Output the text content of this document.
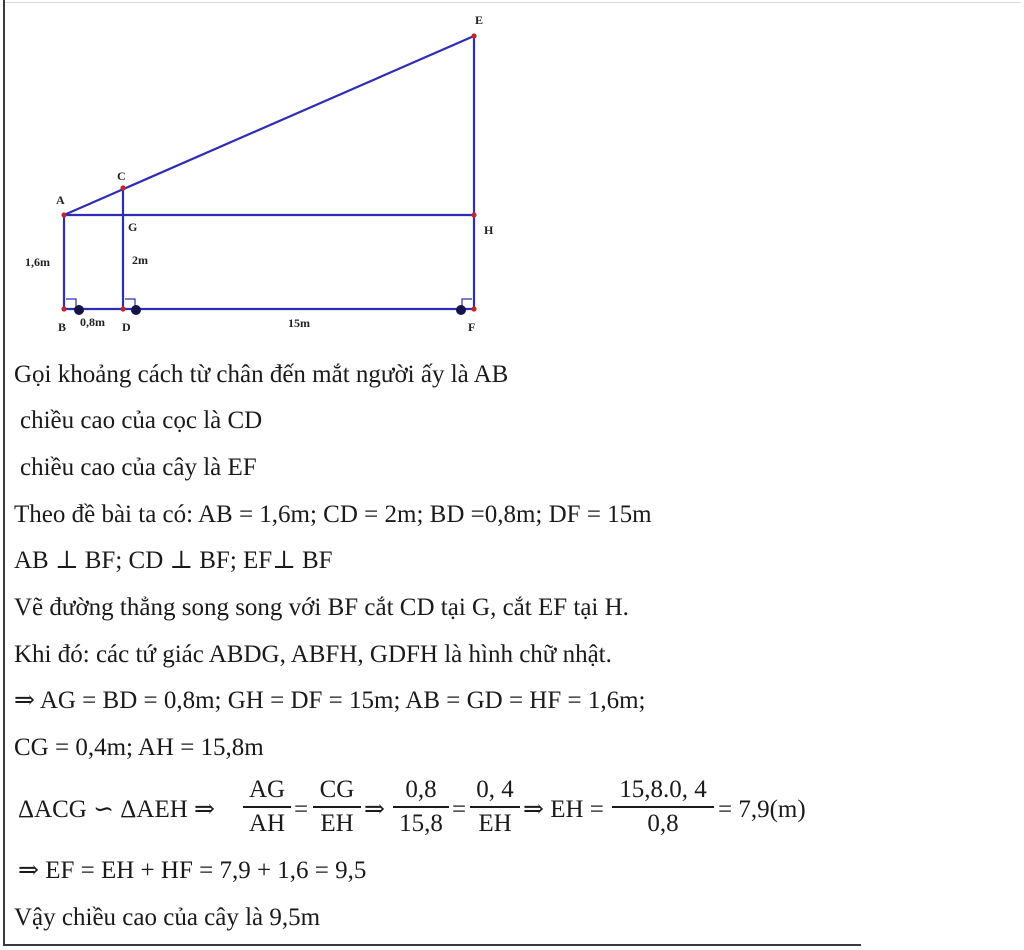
E
C
A
G	H
1,6m	2m
B 0,8m D	15m	F
Gọi khoảng cách từ chân đến mắt người ấy là AB
chiều cao của cọc là CD
chiều cao của cây là EF
Theo đề bài ta có: AB = 1,6m; CD = 2m; BD =0,8m; DF = 15m
AB ⊥ BF; CD ⊥ BF; EF⊥ BF
Vẽ đường thẳng song song với BF cắt CD tại G, cắt EF tại H.
Khi đó: các tứ giác ABDG, ABFH, GDFH là hình chữ nhật.
⇒ AG = BD = 0,8m; GH = DF = 15m; AB = GD = HF = 1,6m;
CG = 0,4m; AH = 15,8m
ΔACG ∽ ΔAEH ⇒
AG
AH
=
CG
EH
⇒
0,8
15,8
=
0, 4
EH
⇒ EH =
15,8.0, 4
0,8
= 7,9(m)
⇒ EF = EH + HF = 7,9 + 1,6 = 9,5
Vậy chiều cao của cây là 9,5m
